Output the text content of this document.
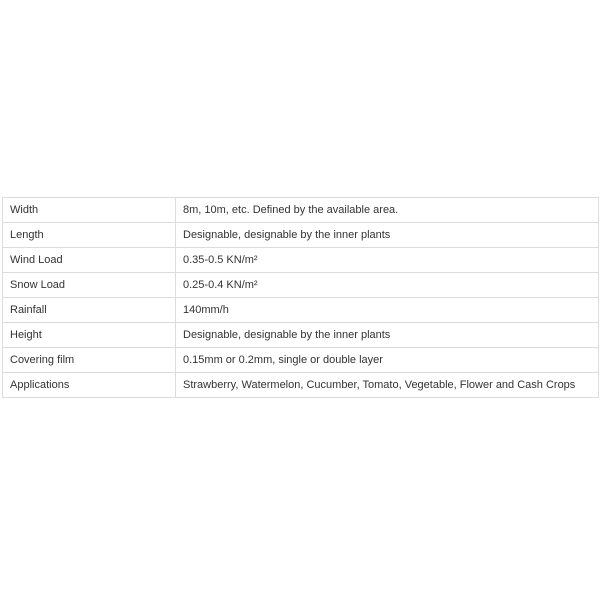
Width	8m, 10m, etc. Defined by the available area.
Length	Designable, designable by the inner plants
Wind Load	0.35-0.5 KN/m²
Snow Load	0.25-0.4 KN/m²
Rainfall	140mm/h
Height	Designable, designable by the inner plants
Covering film	0.15mm or 0.2mm, single or double layer
Applications	Strawberry, Watermelon, Cucumber, Tomato, Vegetable, Flower and Cash Crops
